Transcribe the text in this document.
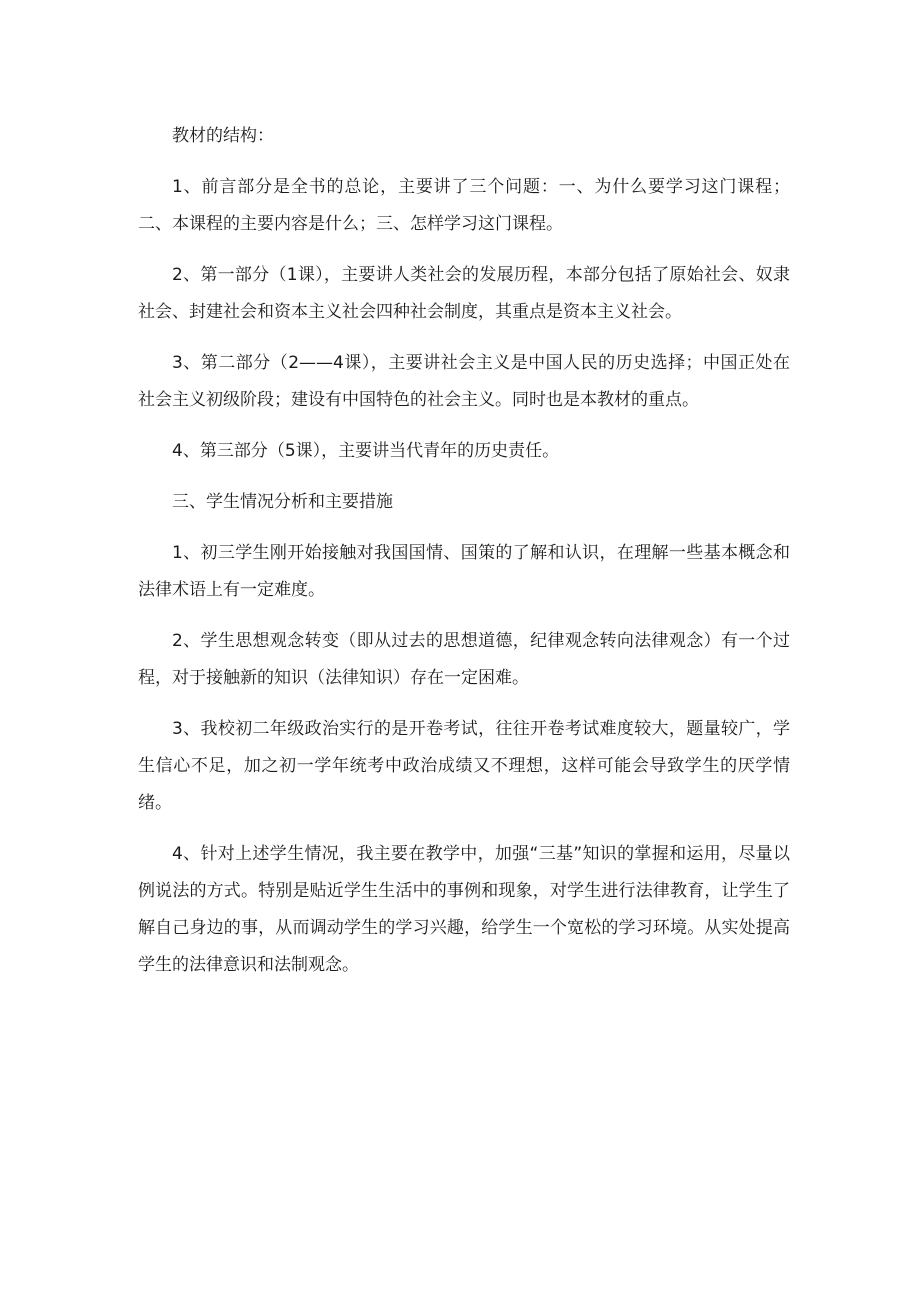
教材的结构：

1、前言部分是全书的总论，主要讲了三个问题：一、为什么要学习这门课程；二、本课程的主要内容是什么；三、怎样学习这门课程。

2、第一部分（1课），主要讲人类社会的发展历程，本部分包括了原始社会、奴隶社会、封建社会和资本主义社会四种社会制度，其重点是资本主义社会。

3、第二部分（2——4课），主要讲社会主义是中国人民的历史选择；中国正处在社会主义初级阶段；建设有中国特色的社会主义。同时也是本教材的重点。

4、第三部分（5课），主要讲当代青年的历史责任。

三、学生情况分析和主要措施

1、初三学生刚开始接触对我国国情、国策的了解和认识，在理解一些基本概念和法律术语上有一定难度。

2、学生思想观念转变（即从过去的思想道德，纪律观念转向法律观念）有一个过程，对于接触新的知识（法律知识）存在一定困难。

3、我校初二年级政治实行的是开卷考试，往往开卷考试难度较大，题量较广，学生信心不足，加之初一学年统考中政治成绩又不理想，这样可能会导致学生的厌学情绪。

4、针对上述学生情况，我主要在教学中，加强“三基”知识的掌握和运用，尽量以例说法的方式。特别是贴近学生生活中的事例和现象，对学生进行法律教育，让学生了解自己身边的事，从而调动学生的学习兴趣，给学生一个宽松的学习环境。从实处提高学生的法律意识和法制观念。
